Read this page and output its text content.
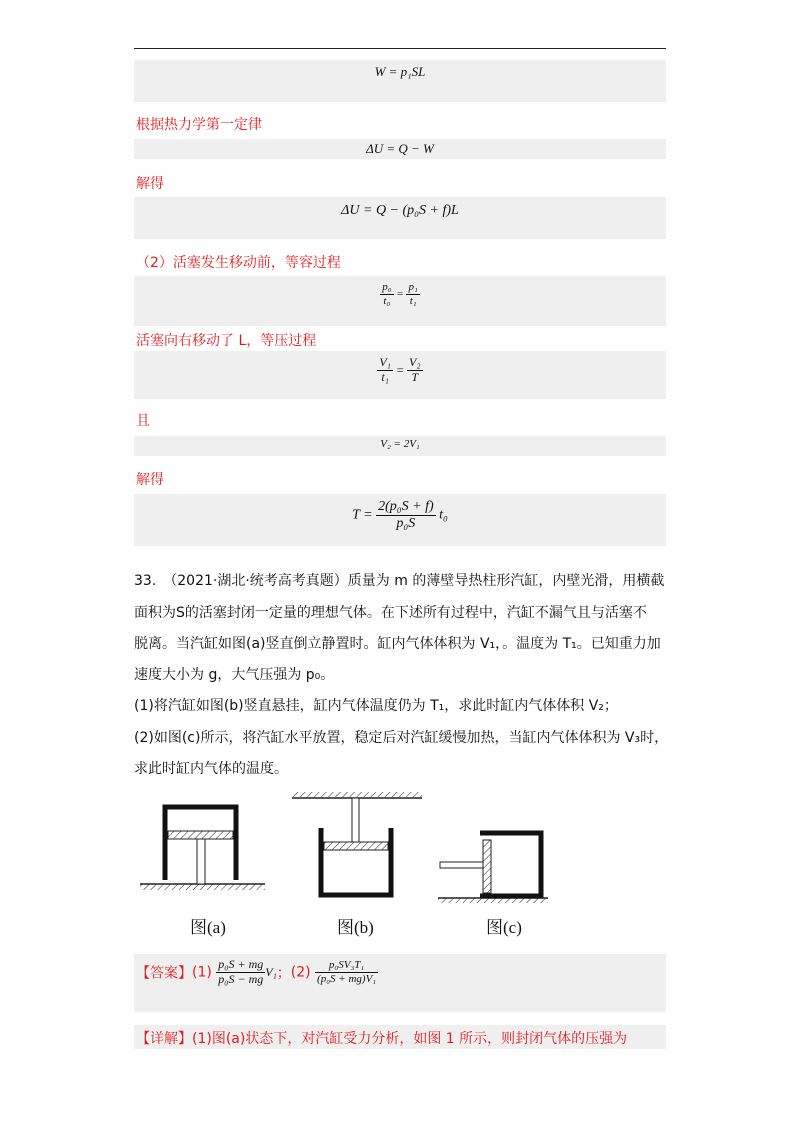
W = p₁SL
根据热力学第一定律
ΔU = Q − W
解得
ΔU = Q − (p₀S + f)L
（2）活塞发生移动前，等容过程
$\frac{\text{p₀}}{\text{t₀}} = \frac{\text{p₁}}{\text{t₁}}$
活塞向右移动了 L，等压过程
$\frac{\text{V₁}}{\text{t₁}} = \frac{\text{V₂}}{T}$
且
V₂ = 2V₁
解得
$T = \frac{\text{2(p₀S + f)}}{\text{p₀S}} t_0$
33.　（2021·湖北·统考高考真题）质量为 m 的薄壁导热柱形汽缸，内壁光滑，用横截
面积为S的活塞封闭一定量的理想气体。在下述所有过程中，汽缸不漏气且与活塞不
脱离。当汽缸如图(a)竖直倒立静置时。缸内气体体积为 V₁，。温度为 T₁。已知重力加
速度大小为 g，大气压强为 p₀。
(1)将汽缸如图(b)竖直悬挂，缸内气体温度仍为 T₁，求此时缸内气体体积 V₂；
(2)如图(c)所示，将汽缸水平放置，稳定后对汽缸缓慢加热，当缸内气体体积为 V₃时，
求此时缸内气体的温度。
图(a)	图(b)	图(c)
【答案】$(1) \frac{\text{p₀S + mg}}{\text{p₀S − mg}} V_1$；$(2) \frac{\text{p₀SV₃T₁}}{\text{(p₀S + mg)V₁}}$
【详解】(1)图(a)状态下，对汽缸受力分析，如图 1 所示，则封闭气体的压强为
